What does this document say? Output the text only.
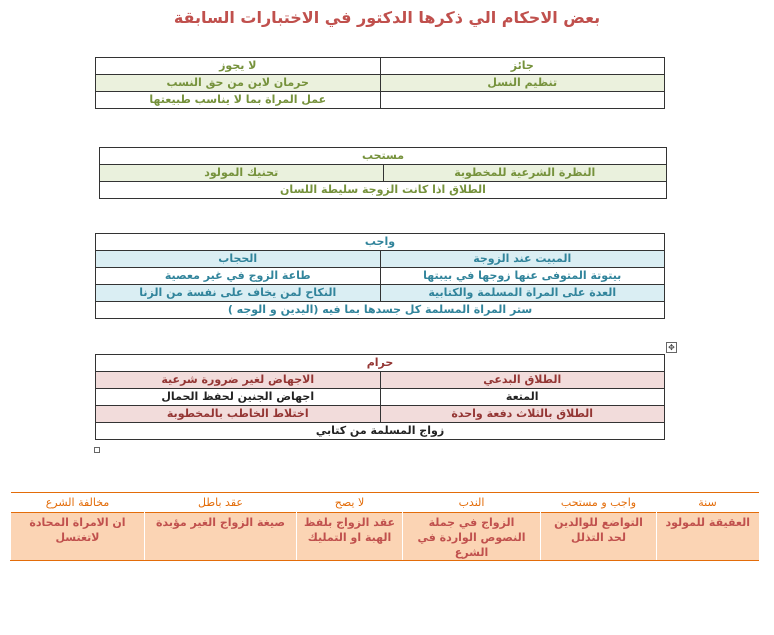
بعض الاحكام الي ذكرها الدكتور في الاختبارات السابقة
جائز	لا يجوز
تنظيم النسل	حرمان لابن من حق النسب
	عمل المراة بما لا يناسب طبيعتها
مستحب
النظرة الشرعية للمخطوبة	تحنيك المولود
الطلاق اذا كانت الزوجة سليطة اللسان
واجب	
المبيت عند الزوجة	الحجاب
بيتوتة المتوفى عنها زوجها في بيبتها	طاعة الزوج في غير معصية
العدة على المراة المسلمة والكتابية	النكاح لمن يخاف على نفسة من الزنا
ستر المراة المسلمة كل جسدها بما فيه (اليدين و الوجه )	
✥
حرام	
الطلاق البدعي	الاجهاض لغير ضرورة شرعية
المتعة	اجهاض الجنين لحفظ الحمال
الطلاق بالثلاث دفعة واحدة	اختلاط الخاطب بالمخطوبة
زواج المسلمة من كتابي	
سنة	واجب و مستحب	الندب	لا يصح	عقد باطل	مخالفة الشرع
العقيقة للمولود	التواضع للوالدين لحد التذلل	الزواج في جملة النصوص الواردة في الشرع	عقد الزواج بلفظ الهبة او التمليك	صيغة الزواج الغير مؤبدة	ان الامراة المحادة لاتغتسل
